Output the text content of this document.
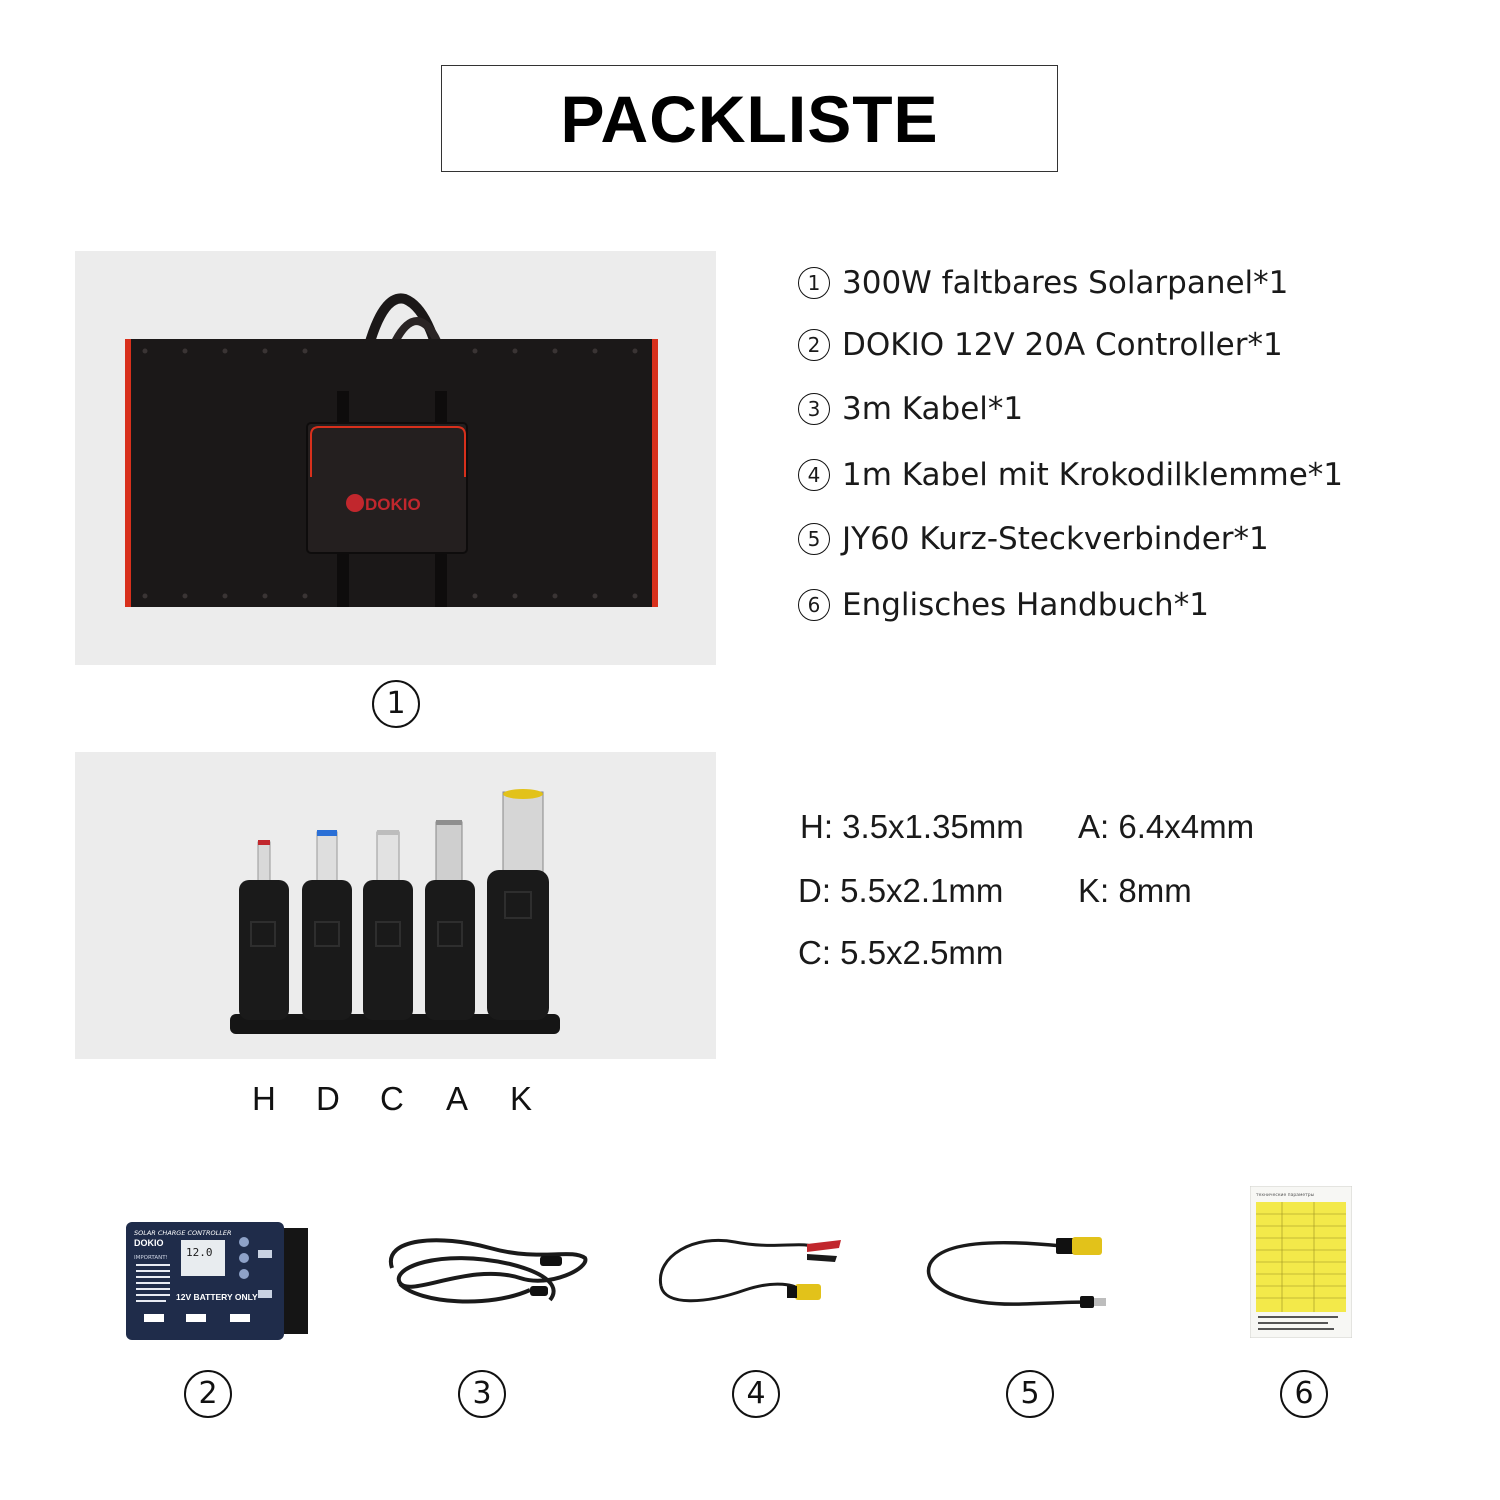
PACKLISTE
DOKIO
1
1 300W faltbares Solarpanel*1
2 DOKIO 12V 20A Controller*1
3 3m Kabel*1
4 1m Kabel mit Krokodilklemme*1
5 JY60 Kurz-Steckverbinder*1
6 Englisches Handbuch*1
H D C A K
H: 3.5x1.35mm A: 6.4x4mm
D: 5.5x2.1mm K: 8mm
C: 5.5x2.5mm
SOLAR CHARGE CONTROLLER
DOKIO
IMPORTANT! 12.0
12V BATTERY ONLY
технические параметры
2	3	4	5	6
